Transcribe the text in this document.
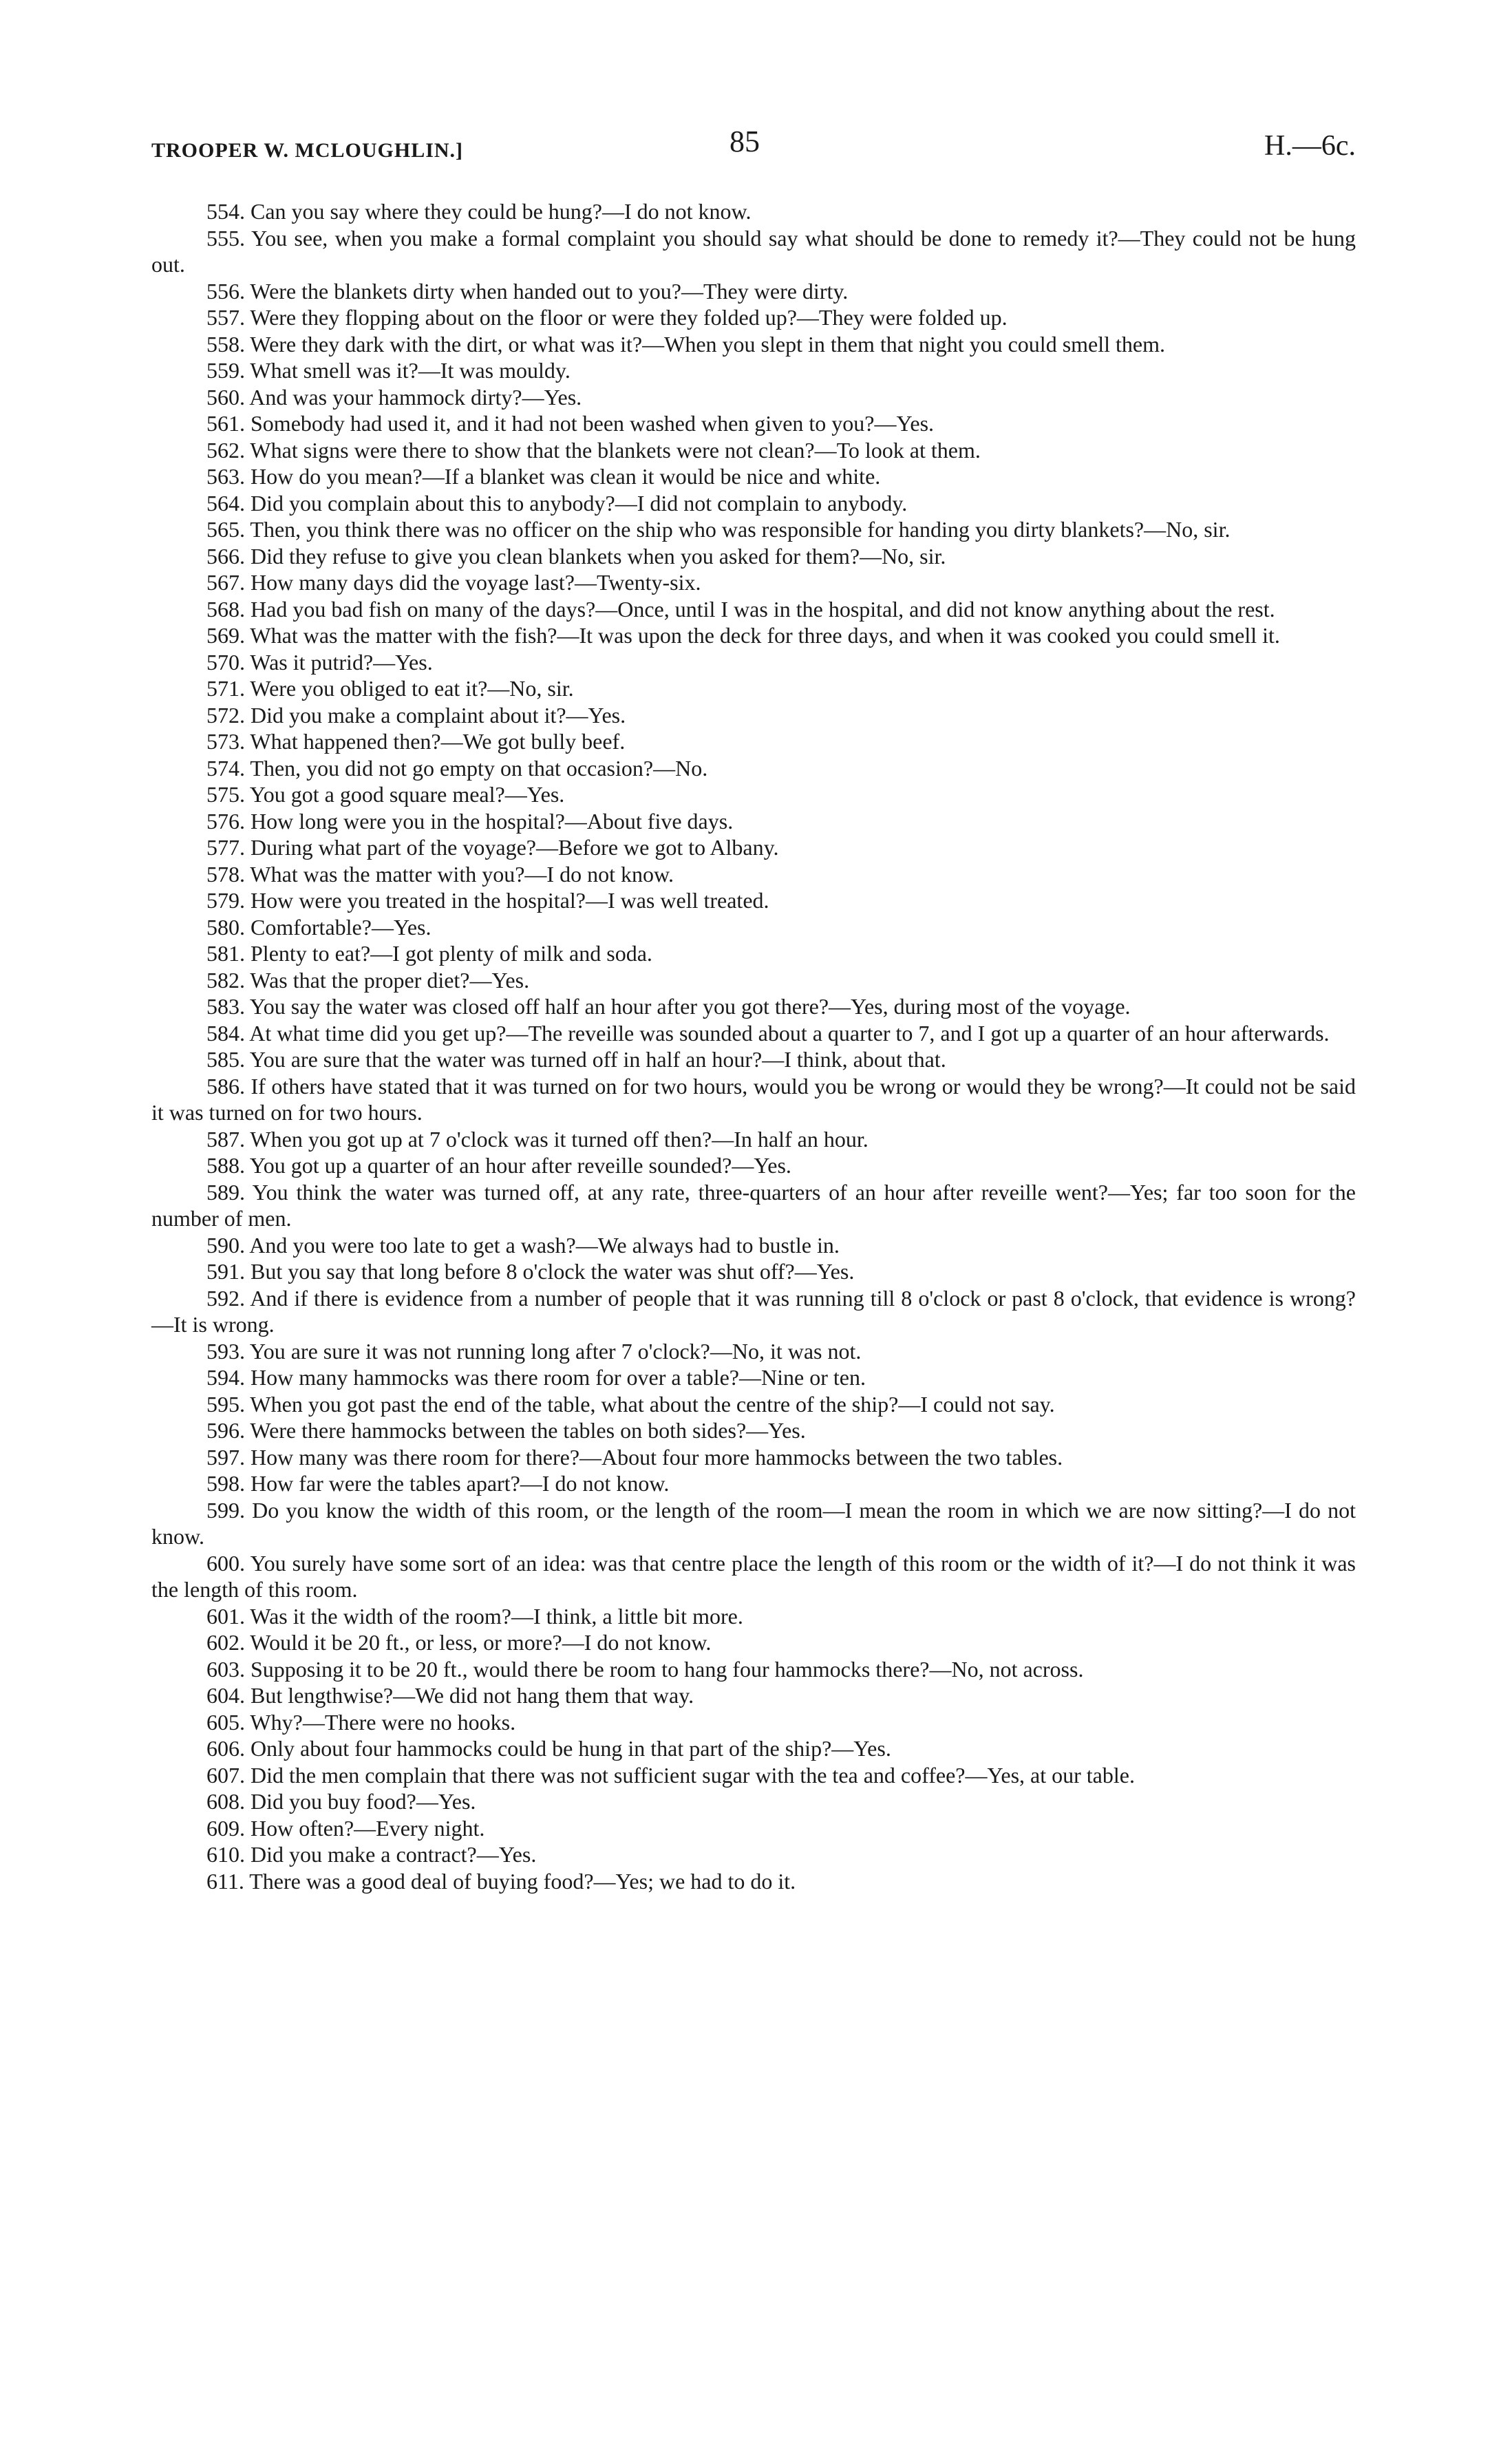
TROOPER W. MCLOUGHLIN.]	85	H.—6c.

554. Can you say where they could be hung?—I do not know.

555. You see, when you make a formal complaint you should say what should be done to remedy it?—They could not be hung out.

556. Were the blankets dirty when handed out to you?—They were dirty.

557. Were they flopping about on the floor or were they folded up?—They were folded up.

558. Were they dark with the dirt, or what was it?—When you slept in them that night you could smell them.

559. What smell was it?—It was mouldy.

560. And was your hammock dirty?—Yes.

561. Somebody had used it, and it had not been washed when given to you?—Yes.

562. What signs were there to show that the blankets were not clean?—To look at them.

563. How do you mean?—If a blanket was clean it would be nice and white.

564. Did you complain about this to anybody?—I did not complain to anybody.

565. Then, you think there was no officer on the ship who was responsible for handing you dirty blankets?—No, sir.

566. Did they refuse to give you clean blankets when you asked for them?—No, sir.

567. How many days did the voyage last?—Twenty-six.

568. Had you bad fish on many of the days?—Once, until I was in the hospital, and did not know anything about the rest.

569. What was the matter with the fish?—It was upon the deck for three days, and when it was cooked you could smell it.

570. Was it putrid?—Yes.

571. Were you obliged to eat it?—No, sir.

572. Did you make a complaint about it?—Yes.

573. What happened then?—We got bully beef.

574. Then, you did not go empty on that occasion?—No.

575. You got a good square meal?—Yes.

576. How long were you in the hospital?—About five days.

577. During what part of the voyage?—Before we got to Albany.

578. What was the matter with you?—I do not know.

579. How were you treated in the hospital?—I was well treated.

580. Comfortable?—Yes.

581. Plenty to eat?—I got plenty of milk and soda.

582. Was that the proper diet?—Yes.

583. You say the water was closed off half an hour after you got there?—Yes, during most of the voyage.

584. At what time did you get up?—The reveille was sounded about a quarter to 7, and I got up a quarter of an hour afterwards.

585. You are sure that the water was turned off in half an hour?—I think, about that.

586. If others have stated that it was turned on for two hours, would you be wrong or would they be wrong?—It could not be said it was turned on for two hours.

587. When you got up at 7 o'clock was it turned off then?—In half an hour.

588. You got up a quarter of an hour after reveille sounded?—Yes.

589. You think the water was turned off, at any rate, three-quarters of an hour after reveille went?—Yes; far too soon for the number of men.

590. And you were too late to get a wash?—We always had to bustle in.

591. But you say that long before 8 o'clock the water was shut off?—Yes.

592. And if there is evidence from a number of people that it was running till 8 o'clock or past 8 o'clock, that evidence is wrong?—It is wrong.

593. You are sure it was not running long after 7 o'clock?—No, it was not.

594. How many hammocks was there room for over a table?—Nine or ten.

595. When you got past the end of the table, what about the centre of the ship?—I could not say.

596. Were there hammocks between the tables on both sides?—Yes.

597. How many was there room for there?—About four more hammocks between the two tables.

598. How far were the tables apart?—I do not know.

599. Do you know the width of this room, or the length of the room—I mean the room in which we are now sitting?—I do not know.

600. You surely have some sort of an idea: was that centre place the length of this room or the width of it?—I do not think it was the length of this room.

601. Was it the width of the room?—I think, a little bit more.

602. Would it be 20 ft., or less, or more?—I do not know.

603. Supposing it to be 20 ft., would there be room to hang four hammocks there?—No, not across.

604. But lengthwise?—We did not hang them that way.

605. Why?—There were no hooks.

606. Only about four hammocks could be hung in that part of the ship?—Yes.

607. Did the men complain that there was not sufficient sugar with the tea and coffee?—Yes, at our table.

608. Did you buy food?—Yes.

609. How often?—Every night.

610. Did you make a contract?—Yes.

611. There was a good deal of buying food?—Yes; we had to do it.
